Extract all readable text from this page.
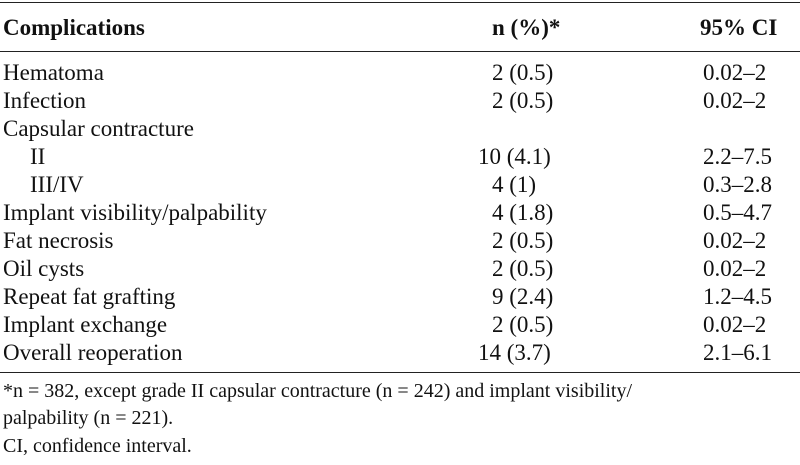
Complications	n (%)*	95% CI
Hematoma	2 (0.5)	0.02–2
Infection	2 (0.5)	0.02–2
Capsular contracture
II	10 (4.1)	2.2–7.5
III/IV	4 (1)	0.3–2.8
Implant visibility/palpability	4 (1.8)	0.5–4.7
Fat necrosis	2 (0.5)	0.02–2
Oil cysts	2 (0.5)	0.02–2
Repeat fat grafting	9 (2.4)	1.2–4.5
Implant exchange	2 (0.5)	0.02–2
Overall reoperation	14 (3.7)	2.1–6.1
*n = 382, except grade II capsular contracture (n = 242) and implant visibility/
palpability (n = 221).
CI, confidence interval.
